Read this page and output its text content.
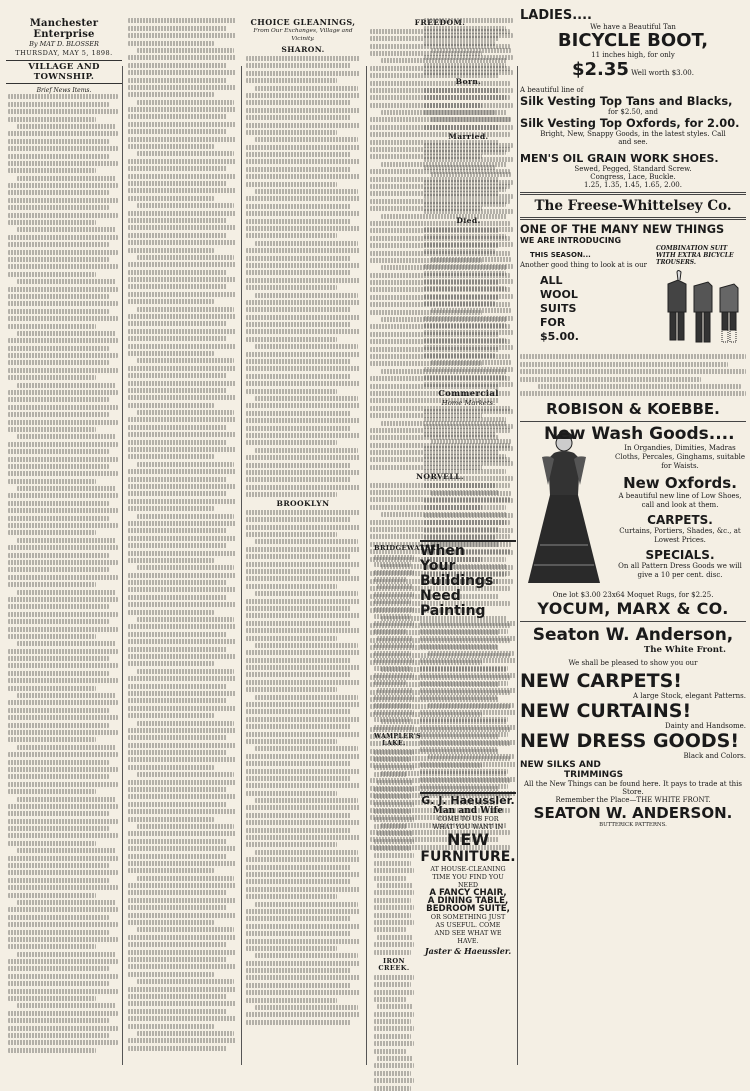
Manchester Enterprise
By MAT D. BLOSSER
THURSDAY, MAY 5, 1898.
VILLAGE AND TOWNSHIP.
Brief News Items.
CHOICE GLEANINGS,
From Our Exchanges, Village and Vicinity.
SHARON.
BROOKLYN
FREEDOM.
NORVELL.
Born.
Married.
Died.
Commercial
Home Markets.
When
Your Buildings
Need Painting
BRIDGEWATER.
WAMPLER'S LAKE.
IRON CREEK.
G. J. Haeussler.
Man and Wife
COME TO US FOR
WHAT YOU WANT IN
NEW
FURNITURE.
AT HOUSE-CLEANING
TIME YOU FIND YOU
NEED
A FANCY CHAIR,
A DINING TABLE,
BEDROOM SUITE,
OR SOMETHING JUST
AS USEFUL. COME
AND SEE WHAT WE
HAVE.
Jaster & Haeussler.
LADIES....
We have a Beautiful Tan
BICYCLE BOOT,
11 inches high, for only
$2.35 Well worth $3.00.
A beautiful line of
Silk Vesting Top Tans and Blacks,
for $2.50, and
Silk Vesting Top Oxfords, for 2.00.
Bright, New, Snappy Goods, in the latest styles. Call and see.
MEN'S OIL GRAIN WORK SHOES.
Sewed, Pegged, Standard Screw.
Congress, Lace, Buckle.
1.25, 1.35, 1.45, 1.65, 2.00.
The Freese-Whittelsey Co.
ONE OF THE MANY NEW THINGS
WE ARE INTRODUCING
THIS SEASON...
Another good thing to look at is our
ALL WOOL SUITS FOR $5.00.
COMBINATION SUIT WITH EXTRA BICYCLE TROUSERS.
ROBISON & KOEBBE.
New Wash Goods....
In Organdies, Dimities, Madras Cloths, Percales, Ginghams, suitable for Waists.
New Oxfords.
A beautiful new line of Low Shoes, call and look at them.
CARPETS.
Curtains, Portiers, Shades, &c., at Lowest Prices.
SPECIALS.
On all Pattern Dress Goods we will give a 10 per cent. disc.
One lot $3.00 23x64 Moquet Rugs, for $2.25.
YOCUM, MARX & CO.
Seaton W. Anderson,
The White Front.
We shall be pleased to show you our
NEW CARPETS!
A large Stock, elegant Patterns.
NEW CURTAINS!
Dainty and Handsome.
NEW DRESS GOODS!
Black and Colors.
NEW SILKS AND
TRIMMINGS
All the New Things can be found here. It pays to trade at this Store.
Remember the Place—THE WHITE FRONT.
SEATON W. ANDERSON.
BUTTERICK PATTERNS.
